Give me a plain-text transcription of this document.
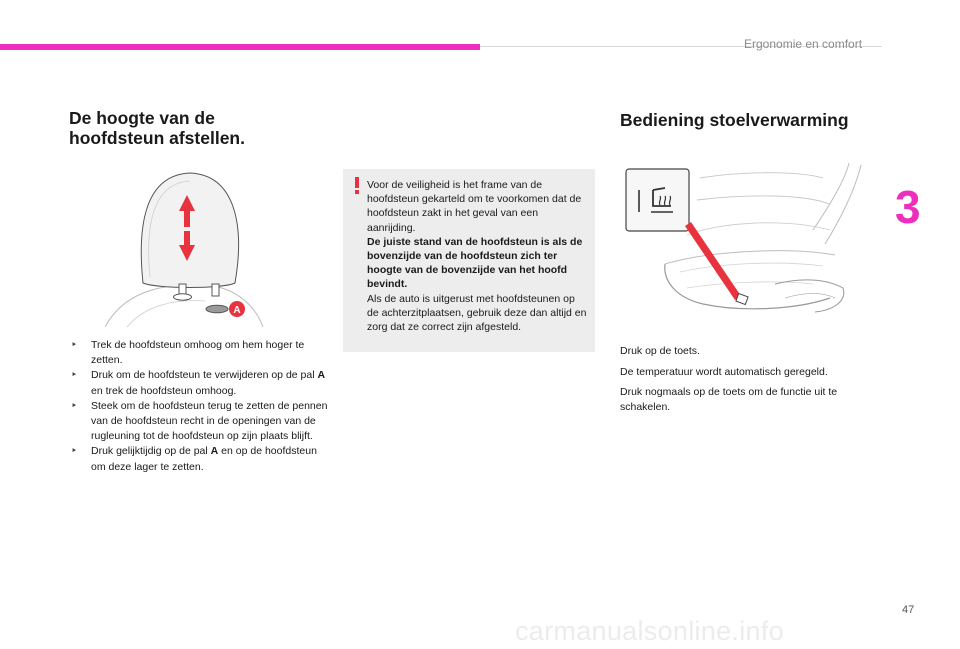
Ergonomie en comfort
3
De hoogte van de
hoofdsteun afstellen.
A
‣ Trek de hoofdsteun omhoog om hem hoger te zetten.
‣ Druk om de hoofdsteun te verwijderen op de pal A en trek de hoofdsteun omhoog.
‣ Steek om de hoofdsteun terug te zetten de pennen van de hoofdsteun recht in de openingen van de rugleuning tot de hoofdsteun op zijn plaats blijft.
‣ Druk gelijktijdig op de pal A en op de hoofdsteun om deze lager te zetten.

Voor de veiligheid is het frame van de hoofdsteun gekarteld om te voorkomen dat de hoofdsteun zakt in het geval van een aanrijding.

De juiste stand van de hoofdsteun is als de bovenzijde van de hoofdsteun zich ter hoogte van de bovenzijde van het hoofd bevindt.

Als de auto is uitgerust met hoofdsteunen op de achterzitplaatsen, gebruik deze dan altijd en zorg dat ze correct zijn afgesteld.

Bediening stoelverwarming

Druk op de toets.

De temperatuur wordt automatisch geregeld.

Druk nogmaals op de toets om de functie uit te schakelen.

47
carmanualsonline.info
